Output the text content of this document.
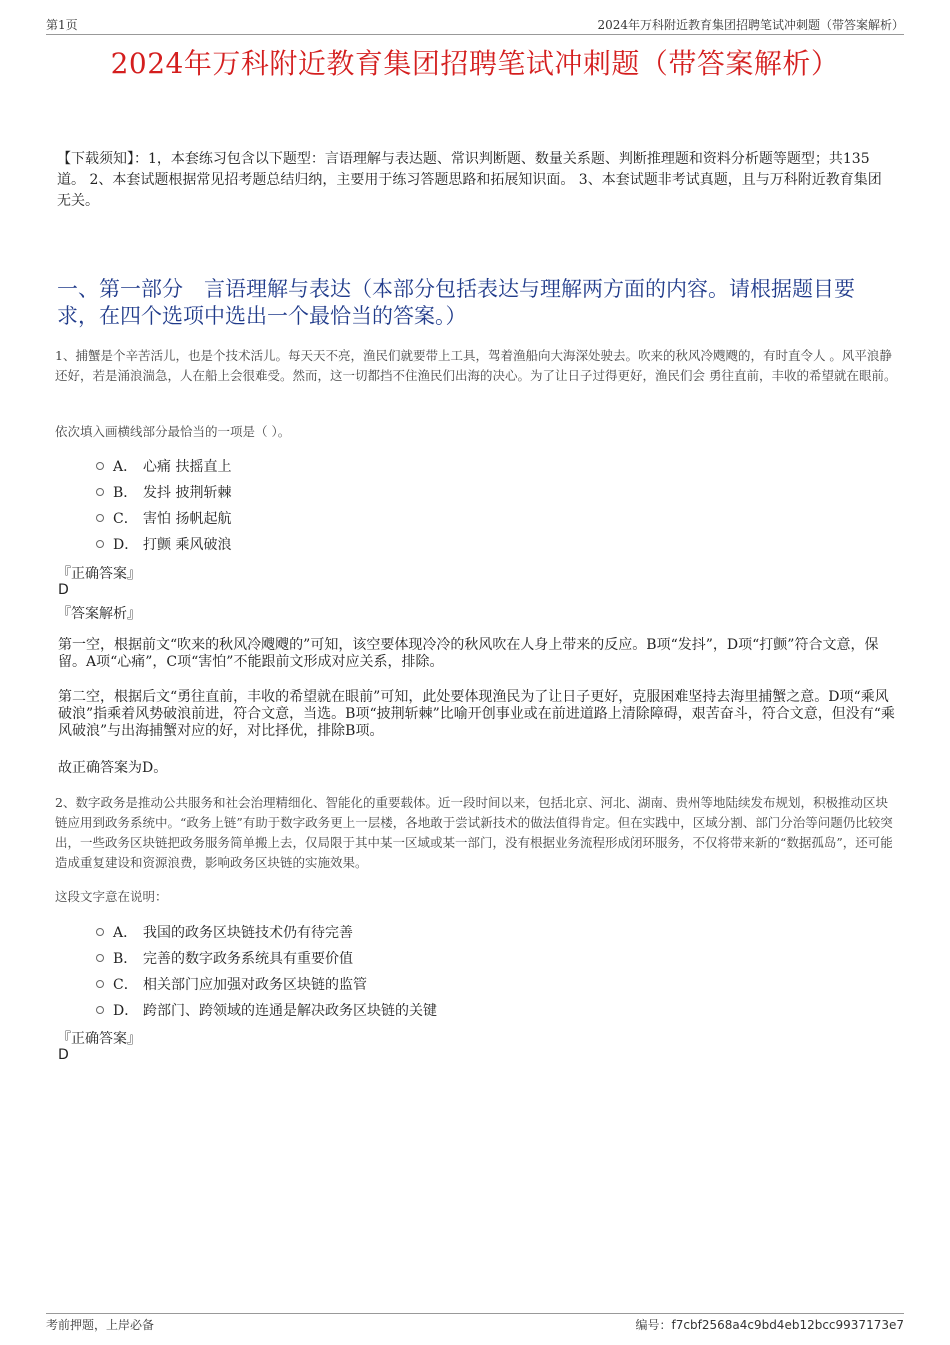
第1页	2024年万科附近教育集团招聘笔试冲刺题（带答案解析）
2024年万科附近教育集团招聘笔试冲刺题（带答案解析）
【下载须知】：1，本套练习包含以下题型：言语理解与表达题、常识判断题、数量关系题、判断推理题和资料分析题等题型；共135道。 2、本套试题根据常见招考题总结归纳，主要用于练习答题思路和拓展知识面。 3、本套试题非考试真题，且与万科附近教育集团无关。
一、第一部分　言语理解与表达（本部分包括表达与理解两方面的内容。请根据题目要求，在四个选项中选出一个最恰当的答案。）
1、捕蟹是个辛苦活儿，也是个技术活儿。每天天不亮，渔民们就要带上工具，驾着渔船向大海深处驶去。吹来的秋风冷飕飕的，有时直令人 。风平浪静还好，若是涌浪湍急，人在船上会很难受。然而，这一切都挡不住渔民们出海的决心。为了让日子过得更好，渔民们会 勇往直前，丰收的希望就在眼前。
依次填入画横线部分最恰当的一项是（ ）。
A． 心痛 扶摇直上
B． 发抖 披荆斩棘
C． 害怕 扬帆起航
D． 打颤 乘风破浪
『正确答案』
D
『答案解析』
第一空，根据前文“吹来的秋风冷飕飕的”可知，该空要体现冷冷的秋风吹在人身上带来的反应。B项“发抖”，D项“打颤”符合文意，保留。A项“心痛”，C项“害怕”不能跟前文形成对应关系，排除。
第二空，根据后文“勇往直前，丰收的希望就在眼前”可知，此处要体现渔民为了让日子更好，克服困难坚持去海里捕蟹之意。D项“乘风破浪”指乘着风势破浪前进，符合文意，当选。B项“披荆斩棘”比喻开创事业或在前进道路上清除障碍，艰苦奋斗，符合文意，但没有“乘风破浪”与出海捕蟹对应的好，对比择优，排除B项。
故正确答案为D。
2、数字政务是推动公共服务和社会治理精细化、智能化的重要载体。近一段时间以来，包括北京、河北、湖南、贵州等地陆续发布规划，积极推动区块链应用到政务系统中。“政务上链”有助于数字政务更上一层楼，各地敢于尝试新技术的做法值得肯定。但在实践中，区域分割、部门分治等问题仍比较突出，一些政务区块链把政务服务简单搬上去，仅局限于其中某一区域或某一部门，没有根据业务流程形成闭环服务，不仅将带来新的“数据孤岛”，还可能造成重复建设和资源浪费，影响政务区块链的实施效果。
这段文字意在说明：
A． 我国的政务区块链技术仍有待完善
B． 完善的数字政务系统具有重要价值
C． 相关部门应加强对政务区块链的监管
D． 跨部门、跨领域的连通是解决政务区块链的关键
『正确答案』
D
考前押题，上岸必备	编号：f7cbf2568a4c9bd4eb12bcc9937173e7
